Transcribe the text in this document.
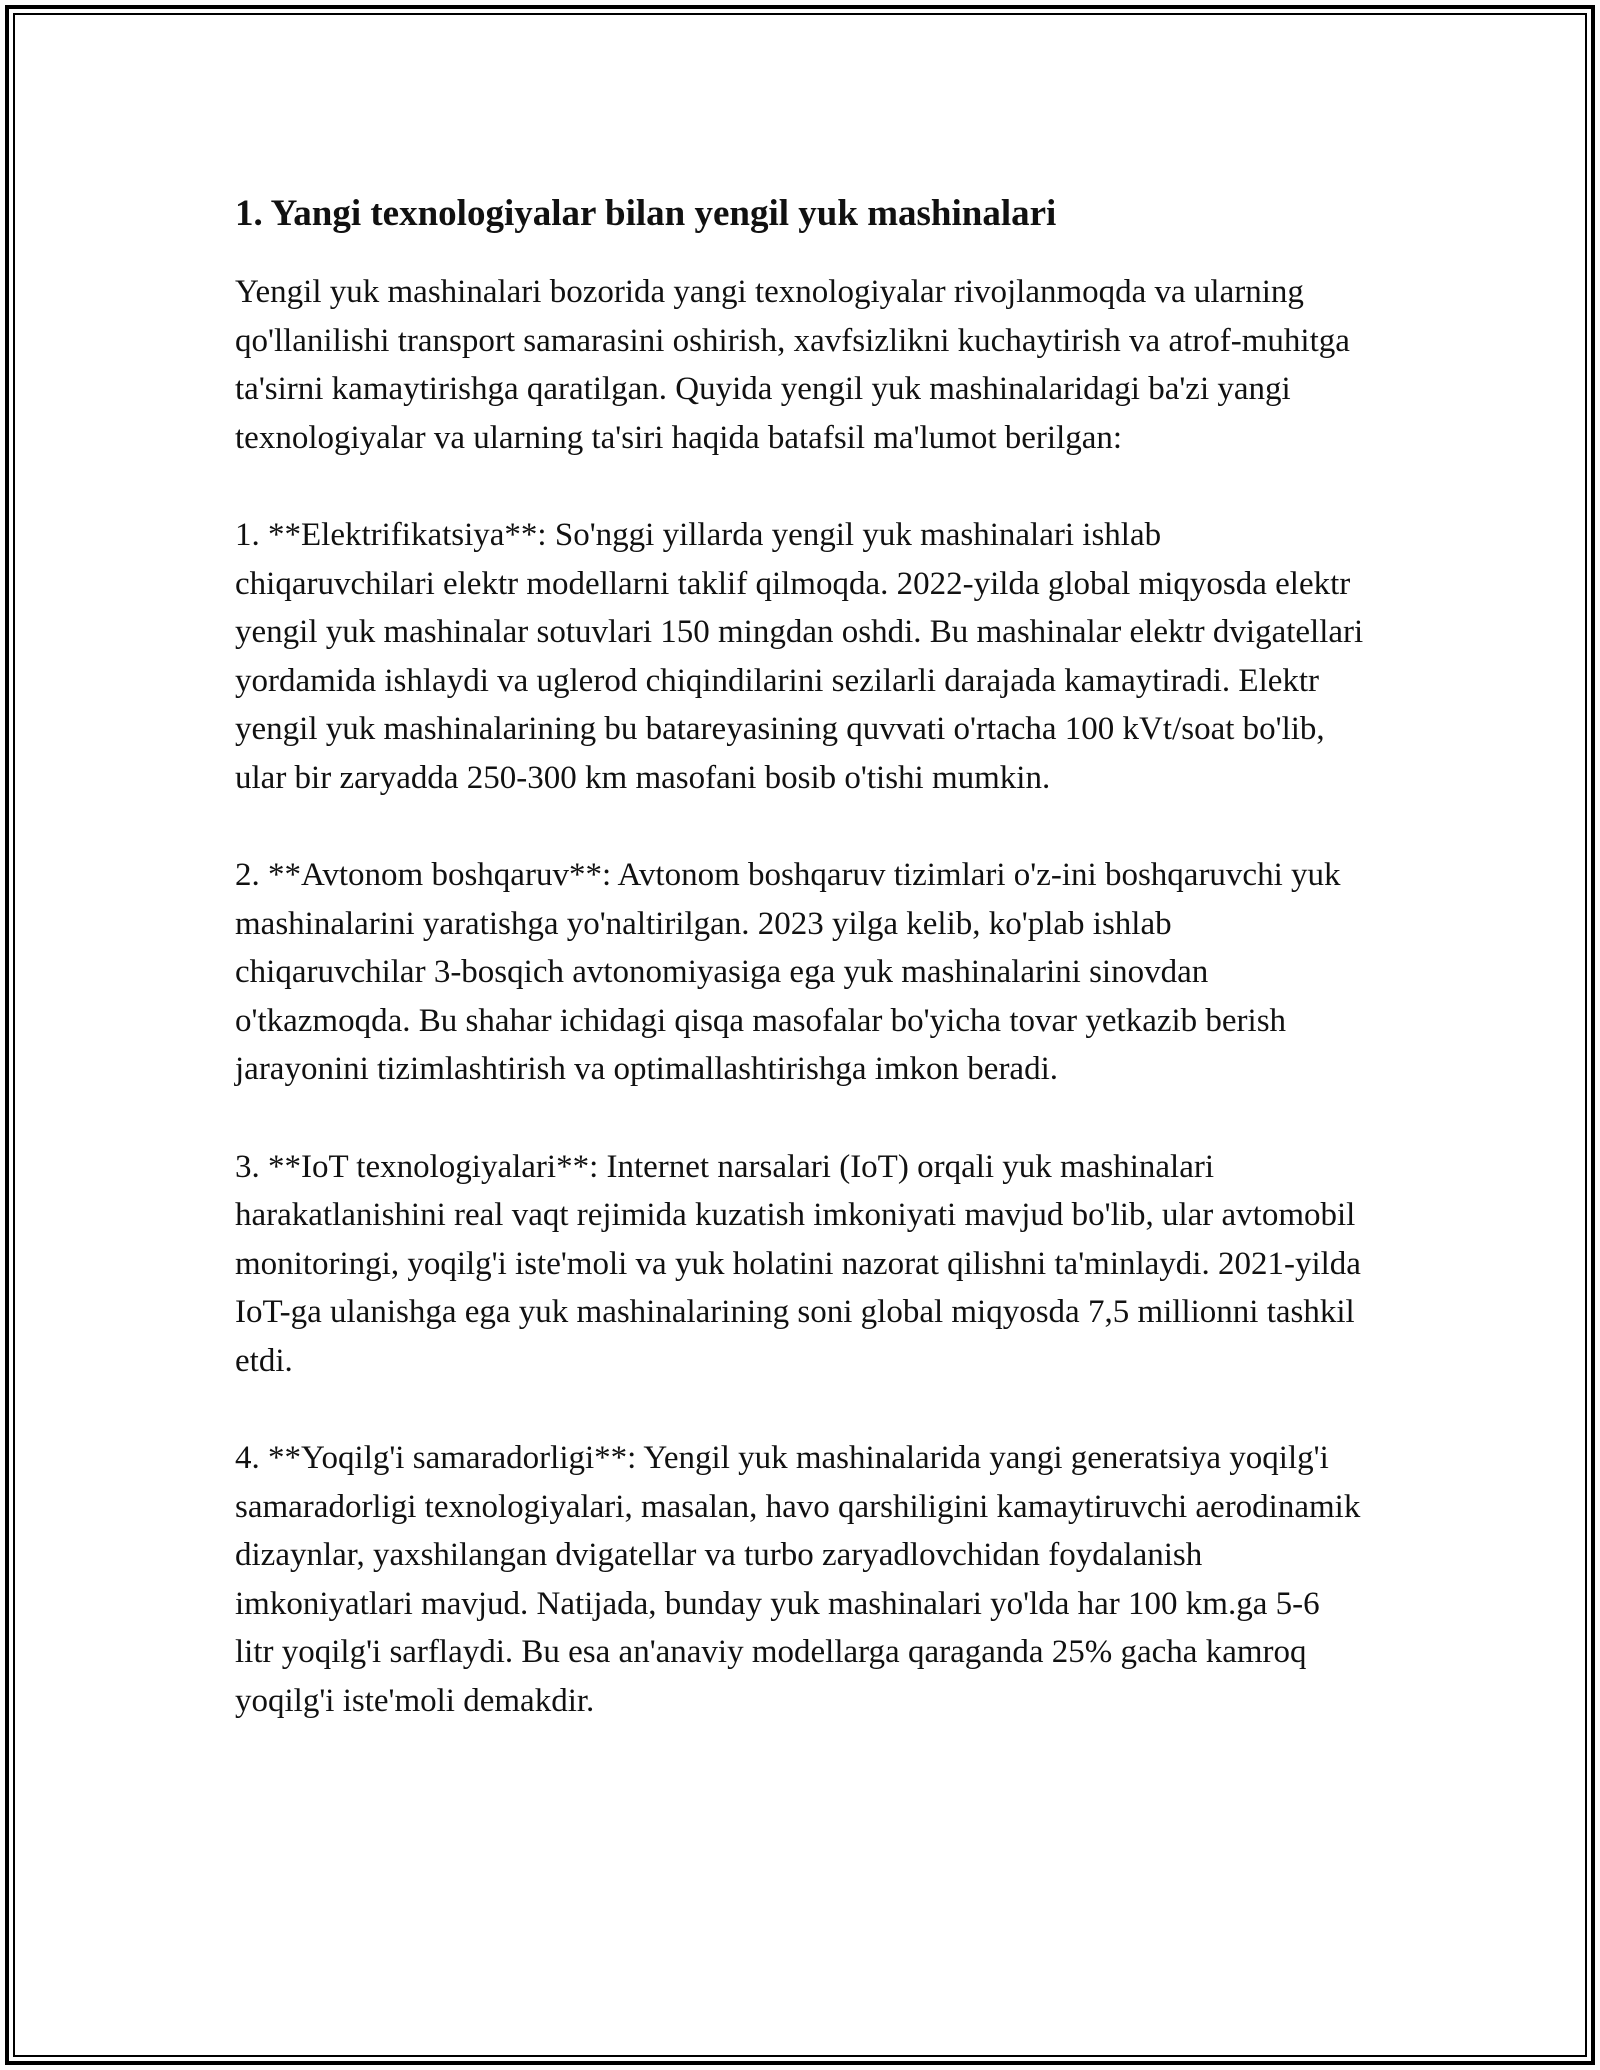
1. Yangi texnologiyalar bilan yengil yuk mashinalari

Yengil yuk mashinalari bozorida yangi texnologiyalar rivojlanmoqda va ularning qo'llanilishi transport samarasini oshirish, xavfsizlikni kuchaytirish va atrof-muhitga ta'sirni kamaytirishga qaratilgan. Quyida yengil yuk mashinalaridagi ba'zi yangi texnologiyalar va ularning ta'siri haqida batafsil ma'lumot berilgan:

1. **Elektrifikatsiya**: So'nggi yillarda yengil yuk mashinalari ishlab chiqaruvchilari elektr modellarni taklif qilmoqda. 2022-yilda global miqyosda elektr yengil yuk mashinalar sotuvlari 150 mingdan oshdi. Bu mashinalar elektr dvigatellari yordamida ishlaydi va uglerod chiqindilarini sezilarli darajada kamaytiradi. Elektr yengil yuk mashinalarining bu batareyasining quvvati o'rtacha 100 kVt/soat bo'lib, ular bir zaryadda 250-300 km masofani bosib o'tishi mumkin.

2. **Avtonom boshqaruv**: Avtonom boshqaruv tizimlari o'z-ini boshqaruvchi yuk mashinalarini yaratishga yo'naltirilgan. 2023 yilga kelib, ko'plab ishlab chiqaruvchilar 3-bosqich avtonomiyasiga ega yuk mashinalarini sinovdan o'tkazmoqda. Bu shahar ichidagi qisqa masofalar bo'yicha tovar yetkazib berish jarayonini tizimlashtirish va optimallashtirishga imkon beradi.

3. **IoT texnologiyalari**: Internet narsalari (IoT) orqali yuk mashinalari harakatlanishini real vaqt rejimida kuzatish imkoniyati mavjud bo'lib, ular avtomobil monitoringi, yoqilg'i iste'moli va yuk holatini nazorat qilishni ta'minlaydi. 2021-yilda IoT-ga ulanishga ega yuk mashinalarining soni global miqyosda 7,5 millionni tashkil etdi.

4. **Yoqilg'i samaradorligi**: Yengil yuk mashinalarida yangi generatsiya yoqilg'i samaradorligi texnologiyalari, masalan, havo qarshiligini kamaytiruvchi aerodinamik dizaynlar, yaxshilangan dvigatellar va turbo zaryadlovchidan foydalanish imkoniyatlari mavjud. Natijada, bunday yuk mashinalari yo'lda har 100 km.ga 5-6 litr yoqilg'i sarflaydi. Bu esa an'anaviy modellarga qaraganda 25% gacha kamroq yoqilg'i iste'moli demakdir.
